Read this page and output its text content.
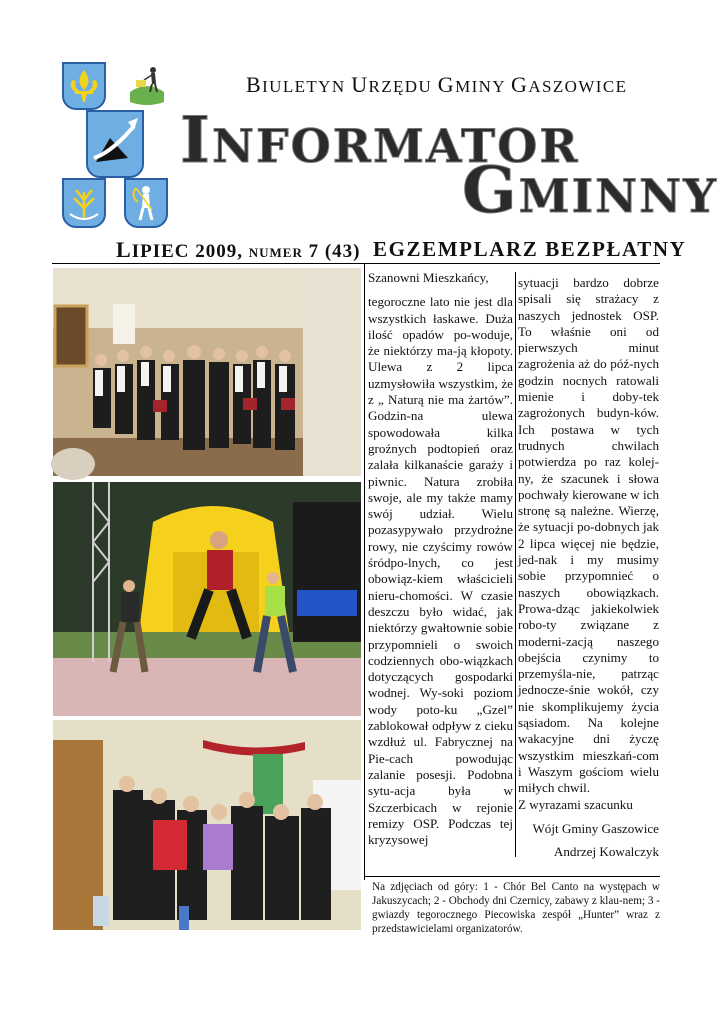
BIULETYN URZĘDU GMINY GASZOWICE
INFORMATOR
GMINNY
LIPIEC 2009, numer 7 (43) EGZEMPLARZ BEZPŁATNY

Szanowni Mieszkańcy,

tegoroczne lato nie jest dla wszystkich łaskawe. Duża ilość opadów po-woduje, że niektórzy ma-ją kłopoty. Ulewa z 2 lipca uzmysłowiła wszystkim, że z „ Naturą nie ma żartów”. Godzin-na ulewa spowodowała kilka groźnych podtopień oraz zalała kilkanaście garaży i piwnic. Natura zrobiła swoje, ale my także mamy swój udział. Wielu pozasypywało przydrożne rowy, nie czyścimy rowów śródpo-lnych, co jest obowiąz-kiem właścicieli nieru-chomości. W czasie deszczu było widać, jak niektórzy gwałtownie sobie przypomnieli o swoich codziennych obo-wiązkach dotyczących gospodarki wodnej. Wy-soki poziom wody poto-ku „Gzel” zablokował odpływ z cieku wzdłuż ul. Fabrycznej na Pie-cach powodując zalanie posesji. Podobna sytu-acja była w Szczerbicach w rejonie remizy OSP. Podczas tej kryzysowej

sytuacji bardzo dobrze spisali się strażacy z naszych jednostek OSP. To właśnie oni od pierwszych minut zagrożenia aż do póź-nych godzin nocnych ratowali mienie i doby-tek zagrożonych budyn-ków. Ich postawa w tych trudnych chwilach potwierdza po raz kolej-ny, że szacunek i słowa pochwały kierowane w ich stronę są należne. Wierzę, że sytuacji po-dobnych jak 2 lipca więcej nie będzie, jed-nak i my musimy sobie przypomnieć o naszych obowiązkach. Prowa-dząc jakiekolwiek robo-ty związane z moderni-zacją naszego obejścia czynimy to przemyśla-nie, patrząc jednocze-śnie wokół, czy nie skomplikujemy życia sąsiadom. Na kolejne wakacyjne dni życzę wszystkim mieszkań-com i Waszym gościom wielu miłych chwil.

Z wyrazami szacunku

Wójt Gminy Gaszowice
Andrzej Kowalczyk

Na zdjęciach od góry: 1 - Chór Bel Canto na występach w Jakuszycach; 2 - Obchody dni Czernicy, zabawy z klau-nem; 3 - gwiazdy tegorocznego Piecowiska zespół „Hunter” wraz z przedstawicielami organizatorów.
